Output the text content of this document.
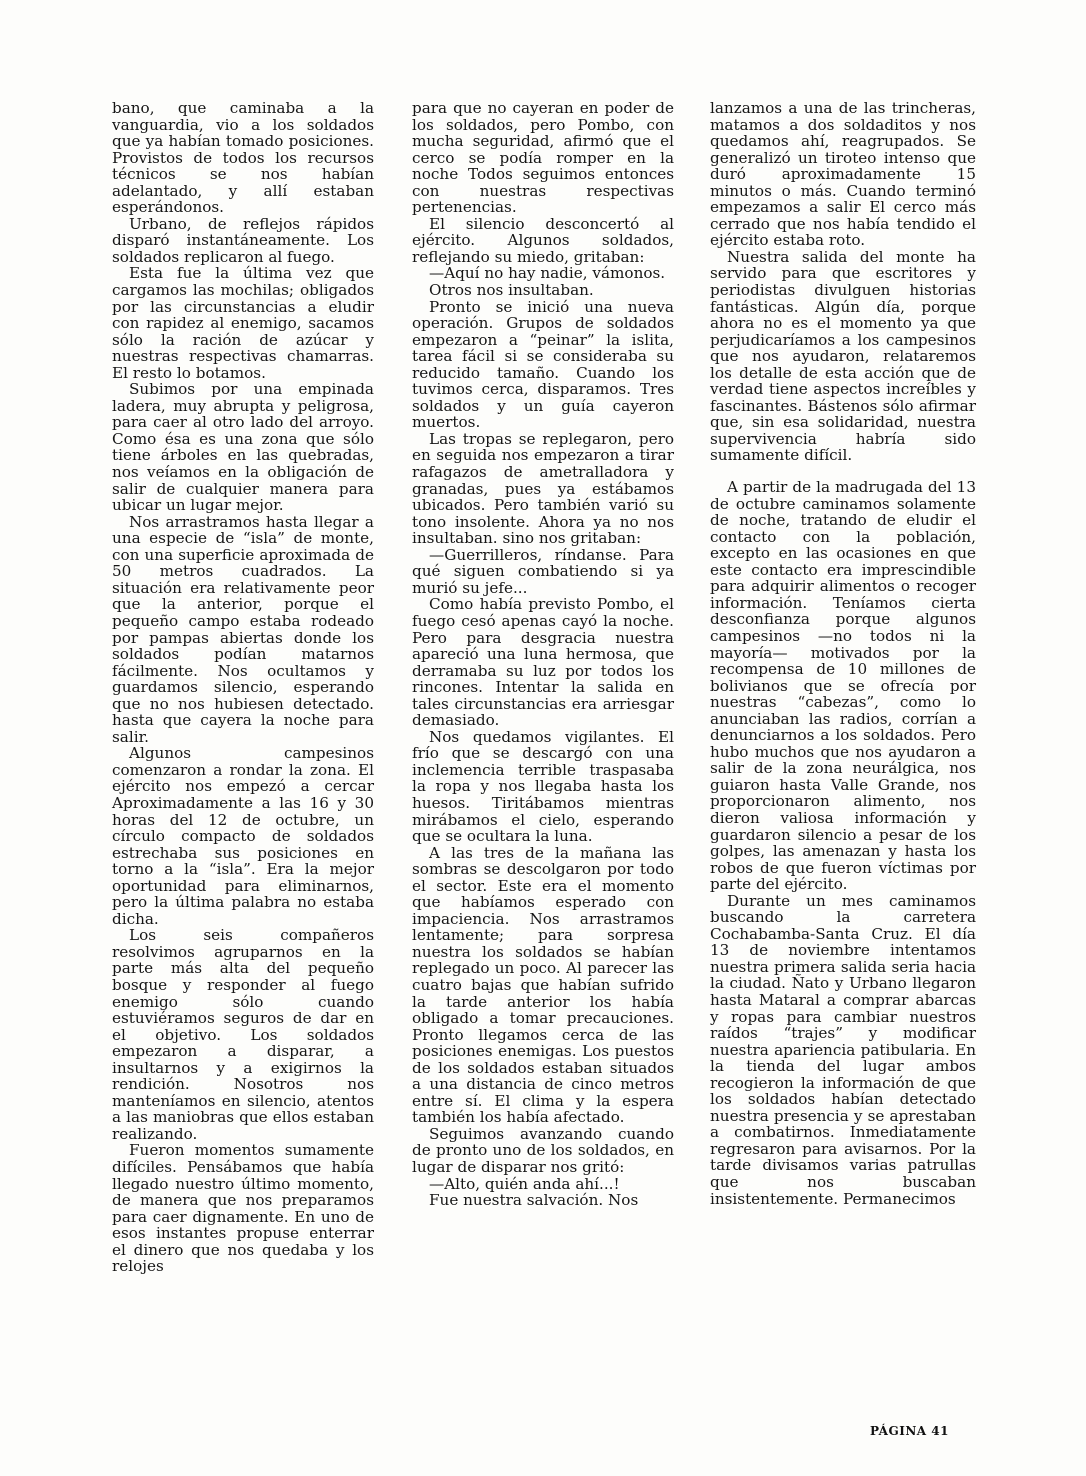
bano, que caminaba a la vanguardia, vio a los soldados que ya habían tomado posiciones. Provistos de todos los recursos técnicos se nos habían adelantado, y allí estaban esperándonos.

Urbano, de reflejos rápidos disparó instantáneamente. Los soldados replicaron al fuego.

Esta fue la última vez que cargamos las mochilas; obligados por las circunstancias a eludir con rapidez al enemigo, sacamos sólo la ración de azúcar y nuestras respectivas chamarras. El resto lo botamos.

Subimos por una empinada ladera, muy abrupta y peligrosa, para caer al otro lado del arroyo. Como ésa es una zona que sólo tiene árboles en las quebradas, nos veíamos en la obligación de salir de cualquier manera para ubicar un lugar mejor.

Nos arrastramos hasta llegar a una especie de “isla” de monte, con una superficie aproximada de 50 metros cuadrados. La situación era relativamente peor que la anterior, porque el pequeño campo estaba rodeado por pampas abiertas donde los soldados podían matarnos fácilmente. Nos ocultamos y guardamos silencio, esperando que no nos hubiesen detectado. hasta que cayera la noche para salir.

Algunos campesinos comenzaron a rondar la zona. El ejército nos empezó a cercar Aproximadamente a las 16 y 30 horas del 12 de octubre, un círculo compacto de soldados estrechaba sus posiciones en torno a la “isla”. Era la mejor oportunidad para eliminarnos, pero la última palabra no estaba dicha.

Los seis compañeros resolvimos agruparnos en la parte más alta del pequeño bosque y responder al fuego enemigo sólo cuando estuviéramos seguros de dar en el objetivo. Los soldados empezaron a disparar, a insultarnos y a exigirnos la rendición. Nosotros nos manteníamos en silencio, atentos a las maniobras que ellos estaban realizando.

Fueron momentos sumamente difíciles. Pensábamos que había llegado nuestro último momento, de manera que nos preparamos para caer dignamente. En uno de esos instantes propuse enterrar el dinero que nos quedaba y los relojes

para que no cayeran en poder de los soldados, pero Pombo, con mucha seguridad, afirmó que el cerco se podía romper en la noche Todos seguimos entonces con nuestras respectivas pertenencias.

El silencio desconcertó al ejército. Algunos soldados, reflejando su miedo, gritaban:

—Aquí no hay nadie, vámonos.

Otros nos insultaban.

Pronto se inició una nueva operación. Grupos de soldados empezaron a “peinar” la islita, tarea fácil si se consideraba su reducido tamaño. Cuando los tuvimos cerca, disparamos. Tres soldados y un guía cayeron muertos.

Las tropas se replegaron, pero en seguida nos empezaron a tirar rafagazos de ametralladora y granadas, pues ya estábamos ubicados. Pero también varió su tono insolente. Ahora ya no nos insultaban. sino nos gritaban:

—Guerrilleros, ríndanse. Para qué siguen combatiendo si ya murió su jefe...

Como había previsto Pombo, el fuego cesó apenas cayó la noche. Pero para desgracia nuestra apareció una luna hermosa, que derramaba su luz por todos los rincones. Intentar la salida en tales circunstancias era arriesgar demasiado.

Nos quedamos vigilantes. El frío que se descargó con una inclemencia terrible traspasaba la ropa y nos llegaba hasta los huesos. Tiritábamos mientras mirábamos el cielo, esperando que se ocultara la luna.

A las tres de la mañana las sombras se descolgaron por todo el sector. Este era el momento que habíamos esperado con impaciencia. Nos arrastramos lentamente; para sorpresa nuestra los soldados se habían replegado un poco. Al parecer las cuatro bajas que habían sufrido la tarde anterior los había obligado a tomar precauciones. Pronto llegamos cerca de las posiciones enemigas. Los puestos de los soldados estaban situados a una distancia de cinco metros entre sí. El clima y la espera también los había afectado.

Seguimos avanzando cuando de pronto uno de los soldados, en lugar de disparar nos gritó:

—Alto, quién anda ahí...!

Fue nuestra salvación. Nos

lanzamos a una de las trincheras, matamos a dos soldaditos y nos quedamos ahí, reagrupados. Se generalizó un tiroteo intenso que duró aproximadamente 15 minutos o más. Cuando terminó empezamos a salir El cerco más cerrado que nos había tendido el ejército estaba roto.

Nuestra salida del monte ha servido para que escritores y periodistas divulguen historias fantásticas. Algún día, porque ahora no es el momento ya que perjudicaríamos a los campesinos que nos ayudaron, relataremos los detalle de esta acción que de verdad tiene aspectos increíbles y fascinantes. Bástenos sólo afirmar que, sin esa solidaridad, nuestra supervivencia habría sido sumamente difícil.

A partir de la madrugada del 13 de octubre caminamos solamente de noche, tratando de eludir el contacto con la población, excepto en las ocasiones en que este contacto era imprescindible para adquirir alimentos o recoger información. Teníamos cierta desconfianza porque algunos campesinos —no todos ni la mayoría— motivados por la recompensa de 10 millones de bolivianos que se ofrecía por nuestras “cabezas”, como lo anunciaban las radios, corrían a denunciarnos a los soldados. Pero hubo muchos que nos ayudaron a salir de la zona neurálgica, nos guiaron hasta Valle Grande, nos proporcionaron alimento, nos dieron valiosa información y guardaron silencio a pesar de los golpes, las amenazan y hasta los robos de que fueron víctimas por parte del ejército.

Durante un mes caminamos buscando la carretera Cochabamba-Santa Cruz. El día 13 de noviembre intentamos nuestra primera salida seria hacia la ciudad. Ñato y Urbano llegaron hasta Mataral a comprar abarcas y ropas para cambiar nuestros raídos “trajes” y modificar nuestra apariencia patibularia. En la tienda del lugar ambos recogieron la información de que los soldados habían detectado nuestra presencia y se aprestaban a combatirnos. Inmediatamente regresaron para avisarnos. Por la tarde divisamos varias patrullas que nos buscaban insistentemente. Permanecimos

PÁGINA 41
